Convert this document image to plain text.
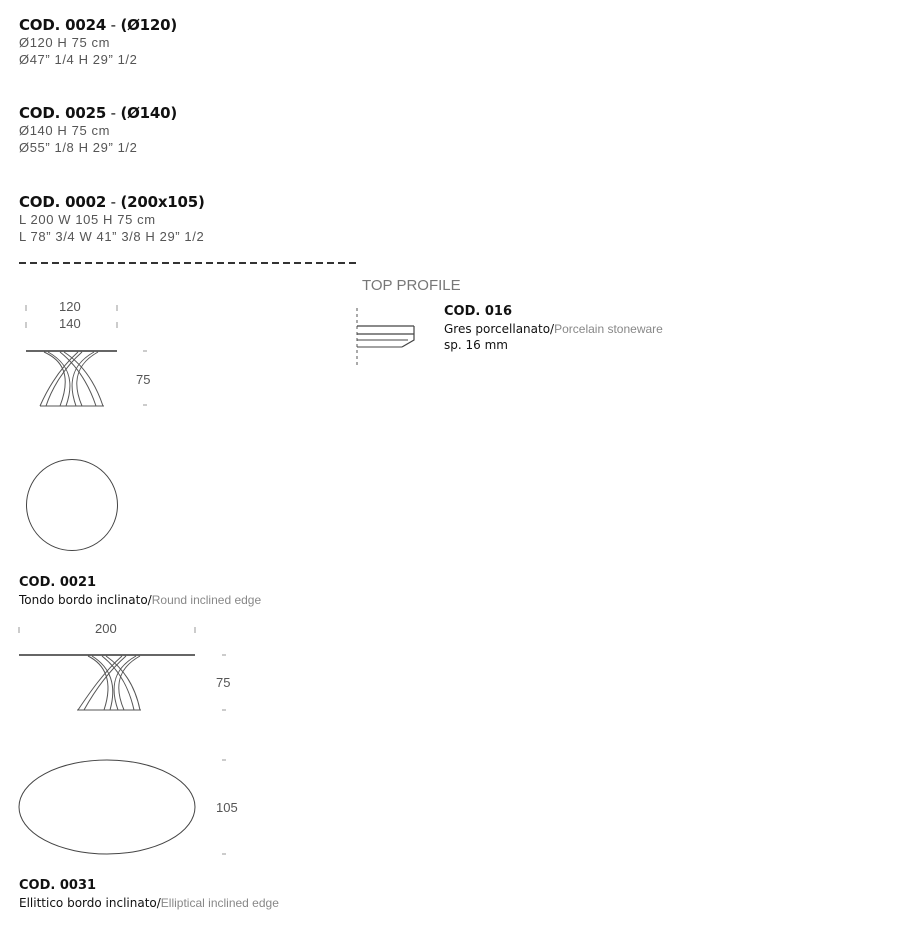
COD. 0024 - (Ø120)
Ø120 H 75 cm
Ø47” 1/4 H 29” 1/2
COD. 0025 - (Ø140)
Ø140 H 75 cm
Ø55” 1/8 H 29” 1/2
COD. 0002 - (200x105)
L 200 W 105 H 75 cm
L 78” 3/4 W 41” 3/8 H 29” 1/2
TOP PROFILE
COD. 016
Gres porcellanato/Porcelain stoneware
sp. 16 mm
120
140
75
COD. 0021
Tondo bordo inclinato/Round inclined edge
200
75
105
COD. 0031
Ellittico bordo inclinato/Elliptical inclined edge
